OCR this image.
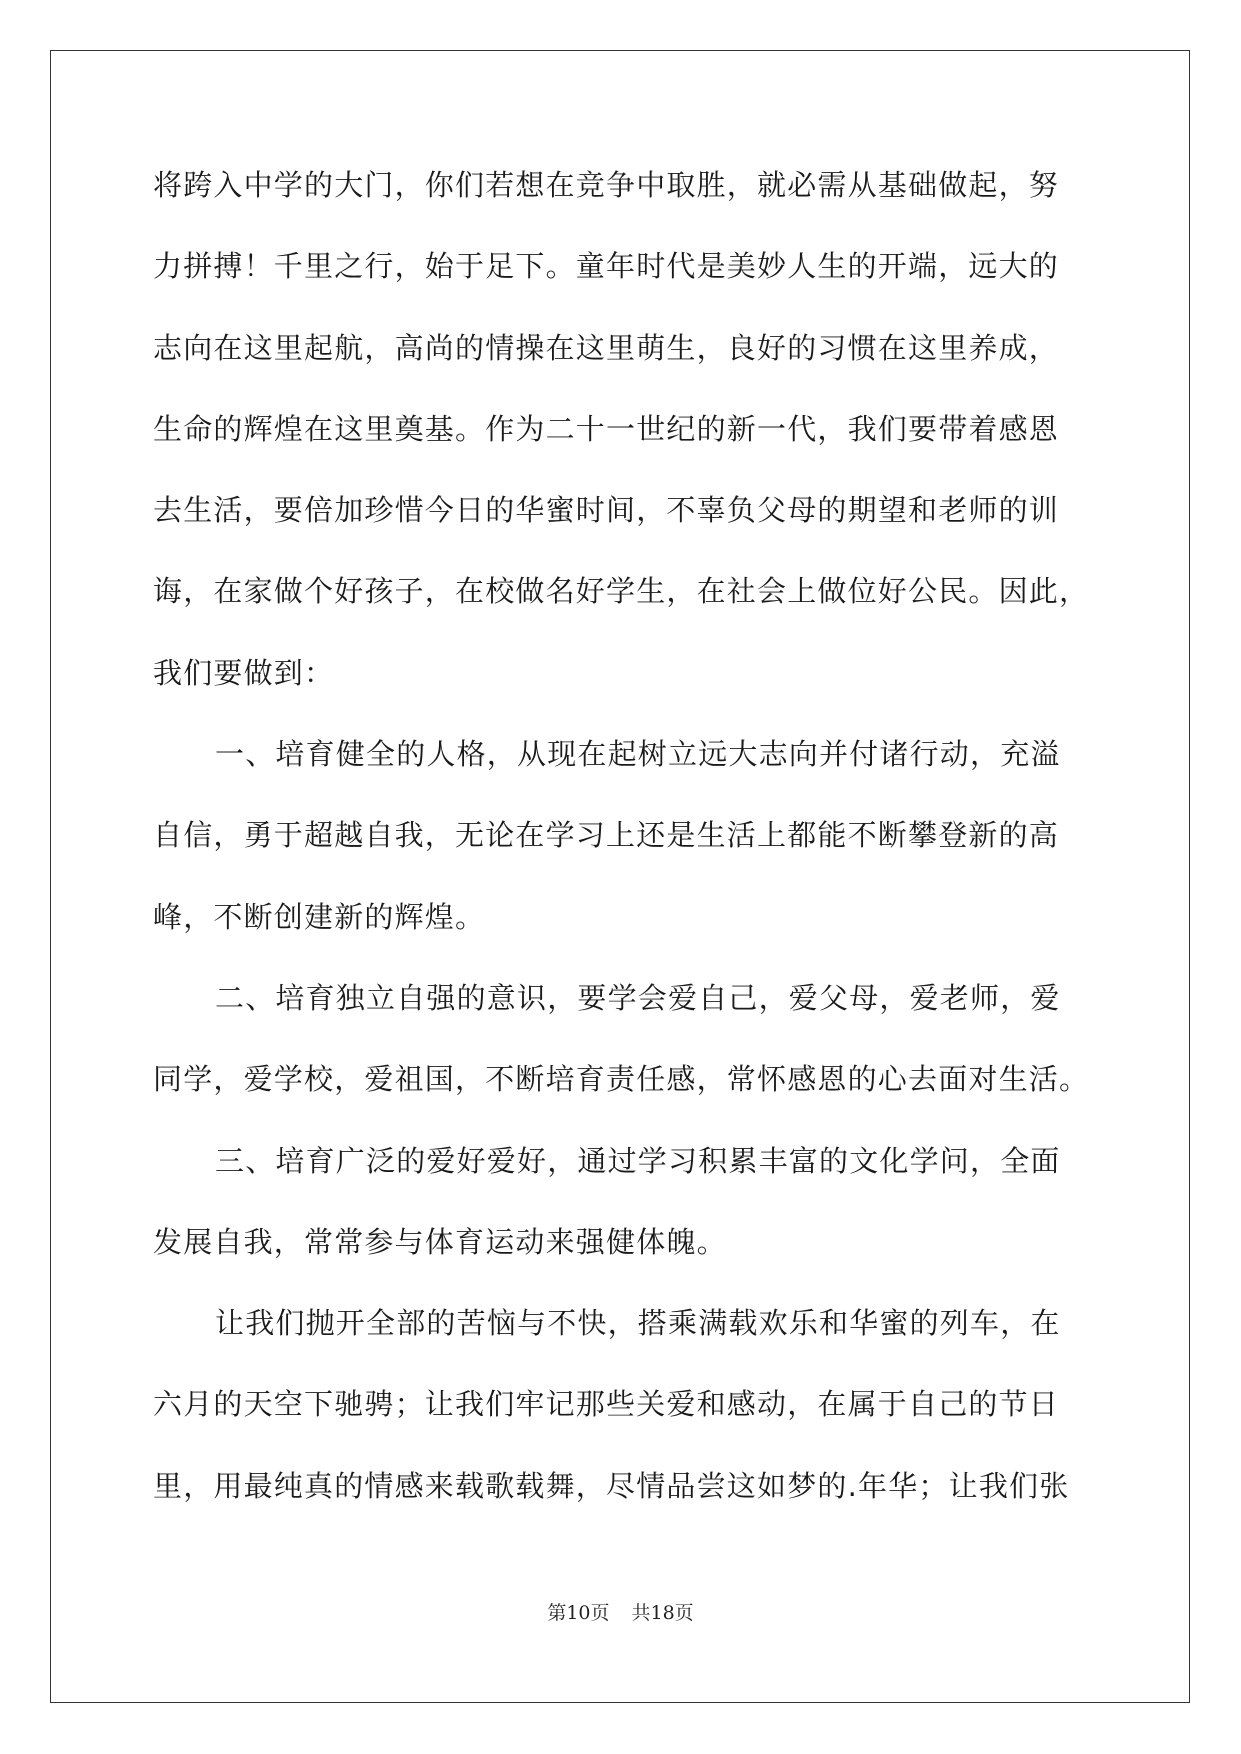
将跨入中学的大门，你们若想在竞争中取胜，就必需从基础做起，努
力拼搏！千里之行，始于足下。童年时代是美妙人生的开端，远大的
志向在这里起航，高尚的情操在这里萌生，良好的习惯在这里养成，
生命的辉煌在这里奠基。作为二十一世纪的新一代，我们要带着感恩
去生活，要倍加珍惜今日的华蜜时间，不辜负父母的期望和老师的训
诲，在家做个好孩子，在校做名好学生，在社会上做位好公民。因此，
我们要做到：
一、培育健全的人格，从现在起树立远大志向并付诸行动，充溢
自信，勇于超越自我，无论在学习上还是生活上都能不断攀登新的高
峰，不断创建新的辉煌。
二、培育独立自强的意识，要学会爱自己，爱父母，爱老师，爱
同学，爱学校，爱祖国，不断培育责任感，常怀感恩的心去面对生活。
三、培育广泛的爱好爱好，通过学习积累丰富的文化学问，全面
发展自我，常常参与体育运动来强健体魄。
让我们抛开全部的苦恼与不快，搭乘满载欢乐和华蜜的列车，在
六月的天空下驰骋；让我们牢记那些关爱和感动，在属于自己的节日
里，用最纯真的情感来载歌载舞，尽情品尝这如梦的.年华；让我们张
第10页 共18页
